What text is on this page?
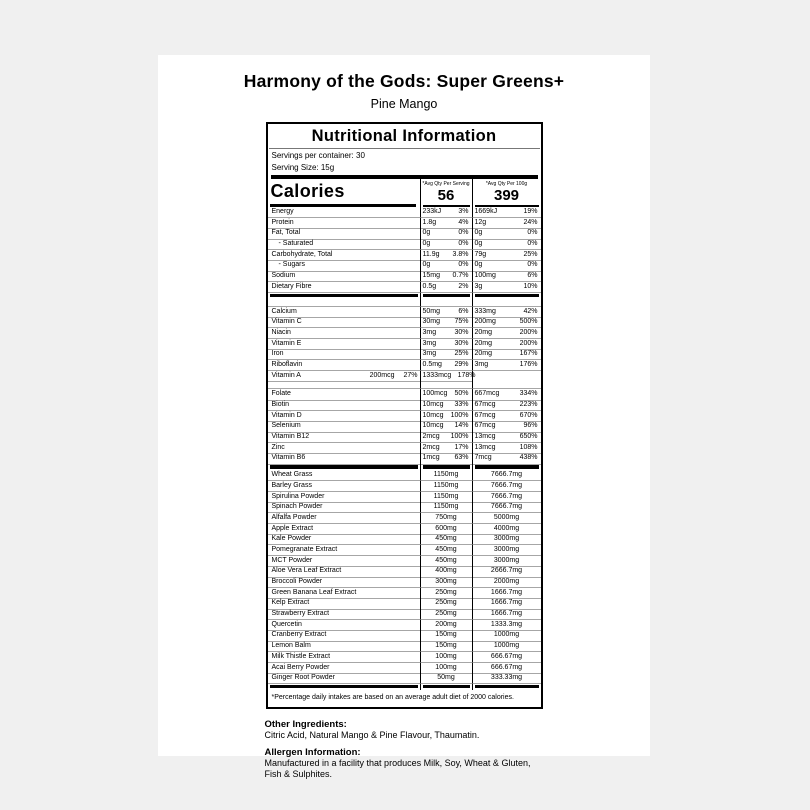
Harmony of the Gods: Super Greens+
Pine Mango
Nutritional Information
Servings per container: 30
Serving Size: 15g
Calories	*Avg Qty Per Serving
56
*Avg Qty Per 100g
399
Energy	233kJ 3% 1669kJ	19%
Protein	1.8g	4% 12g	24%
Fat, Total	0g	0% 0g	0%
- Saturated	0g	0% 0g	0%
Carbohydrate, Total	11.9g 3.8% 79g	25%
- Sugars	0g	0% 0g	0%
Sodium	15mg 0.7% 100mg	6%
Dietary Fibre	0.5g	2% 3g	10%
Calcium	50mg	6% 333mg	42%
Vitamin C	30mg 75% 200mg	500%
Niacin	3mg	30% 20mg	200%
Vitamin E	3mg	30% 20mg	200%
Iron	3mg	25% 20mg	167%
Riboflavin	0.5mg 29% 3mg	176%
Vitamin A	200mcg 27% 1333mcg 178%
Folate	100mcg 50% 667mcg	334%
Biotin	10mcg 33% 67mcg	223%
Vitamin D	10mcg 100% 67mcg	670%
Selenium	10mcg 14% 67mcg	96%
Vitamin B12	2mcg 100% 13mcg	650%
Zinc	2mcg 17% 13mcg	108%
Vitamin B6	1mcg 63% 7mcg	438%
Wheat Grass	1150mg	7666.7mg
Barley Grass	1150mg	7666.7mg
Spirulina Powder	1150mg	7666.7mg
Spinach Powder	1150mg	7666.7mg
Alfalfa Powder	750mg	5000mg
Apple Extract	600mg	4000mg
Kale Powder	450mg	3000mg
Pomegranate Extract	450mg	3000mg
MCT Powder	450mg	3000mg
Aloe Vera Leaf Extract	400mg	2666.7mg
Broccoli Powder	300mg	2000mg
Green Banana Leaf Extract	250mg	1666.7mg
Kelp Extract	250mg	1666.7mg
Strawberry Extract	250mg	1666.7mg
Quercetin	200mg	1333.3mg
Cranberry Extract	150mg	1000mg
Lemon Balm	150mg	1000mg
Milk Thistle Extract	100mg	666.67mg
Acai Berry Powder	100mg	666.67mg
Ginger Root Powder	50mg	333.33mg
*Percentage daily intakes are based on an average adult diet of 2000 calories.
Other Ingredients:
Citric Acid, Natural Mango & Pine Flavour, Thaumatin.
Allergen Information:
Manufactured in a facility that produces Milk, Soy, Wheat & Gluten, Fish & Sulphites.
